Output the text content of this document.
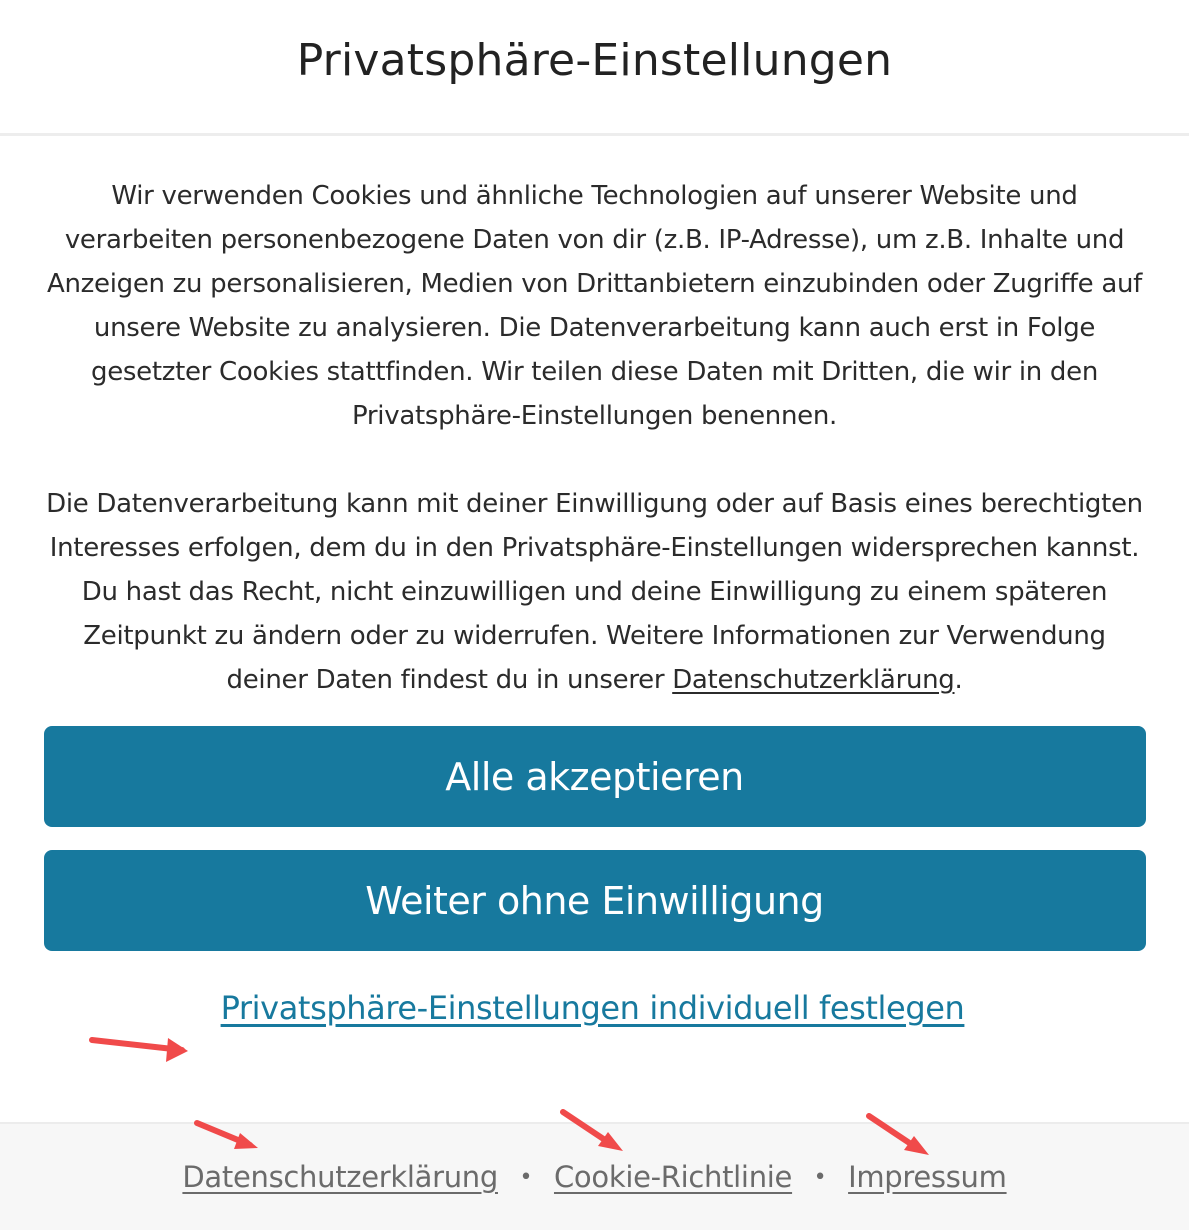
Privatsphäre-Einstellungen

Wir verwenden Cookies und ähnliche Technologien auf unserer Website und verarbeiten personenbezogene Daten von dir (z.B. IP-Adresse), um z.B. Inhalte und Anzeigen zu personalisieren, Medien von Drittanbietern einzubinden oder Zugriffe auf unsere Website zu analysieren. Die Datenverarbeitung kann auch erst in Folge gesetzter Cookies stattfinden. Wir teilen diese Daten mit Dritten, die wir in den Privatsphäre-Einstellungen benennen.

Die Datenverarbeitung kann mit deiner Einwilligung oder auf Basis eines berechtigten Interesses erfolgen, dem du in den Privatsphäre-Einstellungen widersprechen kannst. Du hast das Recht, nicht einzuwilligen und deine Einwilligung zu einem späteren Zeitpunkt zu ändern oder zu widerrufen. Weitere Informationen zur Verwendung deiner Daten findest du in unserer Datenschutzerklärung.

Alle akzeptieren
Weiter ohne Einwilligung
Privatsphäre-Einstellungen individuell festlegen
Datenschutzerklärung • Cookie-Richtlinie • Impressum
